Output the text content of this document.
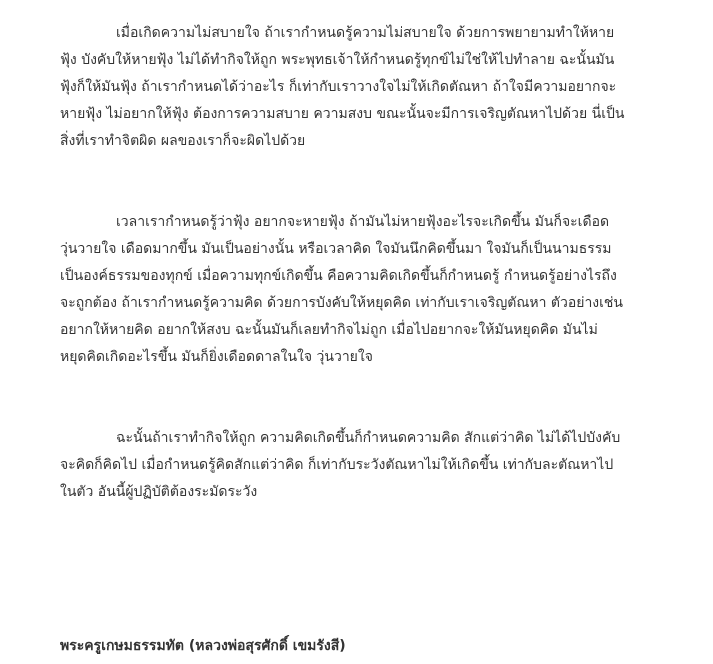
เมื่อเกิดความไม่สบายใจ ถ้าเรากำหนดรู้ความไม่สบายใจ ด้วยการพยายามทำให้หาย
ฟุ้ง บังคับให้หายฟุ้ง ไม่ได้ทำกิจให้ถูก พระพุทธเจ้าให้กำหนดรู้ทุกข์ไม่ใช่ให้ไปทำลาย ฉะนั้นมัน
ฟุ้งก็ให้มันฟุ้ง ถ้าเรากำหนดได้ว่าอะไร ก็เท่ากับเราวางใจไม่ให้เกิดตัณหา ถ้าใจมีความอยากจะ
หายฟุ้ง ไม่อยากให้ฟุ้ง ต้องการความสบาย ความสงบ ขณะนั้นจะมีการเจริญตัณหาไปด้วย นี่เป็น
สิ่งที่เราทำจิตผิด ผลของเราก็จะผิดไปด้วย
เวลาเรากำหนดรู้ว่าฟุ้ง อยากจะหายฟุ้ง ถ้ามันไม่หายฟุ้งอะไรจะเกิดขึ้น มันก็จะเดือด
วุ่นวายใจ เดือดมากขึ้น มันเป็นอย่างนั้น หรือเวลาคิด ใจมันนึกคิดขึ้นมา ใจมันก็เป็นนามธรรม
เป็นองค์ธรรมของทุกข์ เมื่อความทุกข์เกิดขึ้น คือความคิดเกิดขึ้นก็กำหนดรู้ กำหนดรู้อย่างไรถึง
จะถูกต้อง ถ้าเรากำหนดรู้ความคิด ด้วยการบังคับให้หยุดคิด เท่ากับเราเจริญตัณหา ตัวอย่างเช่น
อยากให้หายคิด อยากให้สงบ ฉะนั้นมันก็เลยทำกิจไม่ถูก เมื่อไปอยากจะให้มันหยุดคิด มันไม่
หยุดคิดเกิดอะไรขึ้น มันก็ยิ่งเดือดดาลในใจ วุ่นวายใจ
ฉะนั้นถ้าเราทำกิจให้ถูก ความคิดเกิดขึ้นก็กำหนดความคิด สักแต่ว่าคิด ไม่ได้ไปบังคับ
จะคิดก็คิดไป เมื่อกำหนดรู้คิดสักแต่ว่าคิด ก็เท่ากับระวังตัณหาไม่ให้เกิดขึ้น เท่ากับละตัณหาไป
ในตัว อันนี้ผู้ปฏิบัติต้องระมัดระวัง

พระครูเกษมธรรมทัต (หลวงพ่อสุรศักดิ์ เขมรังสี)
